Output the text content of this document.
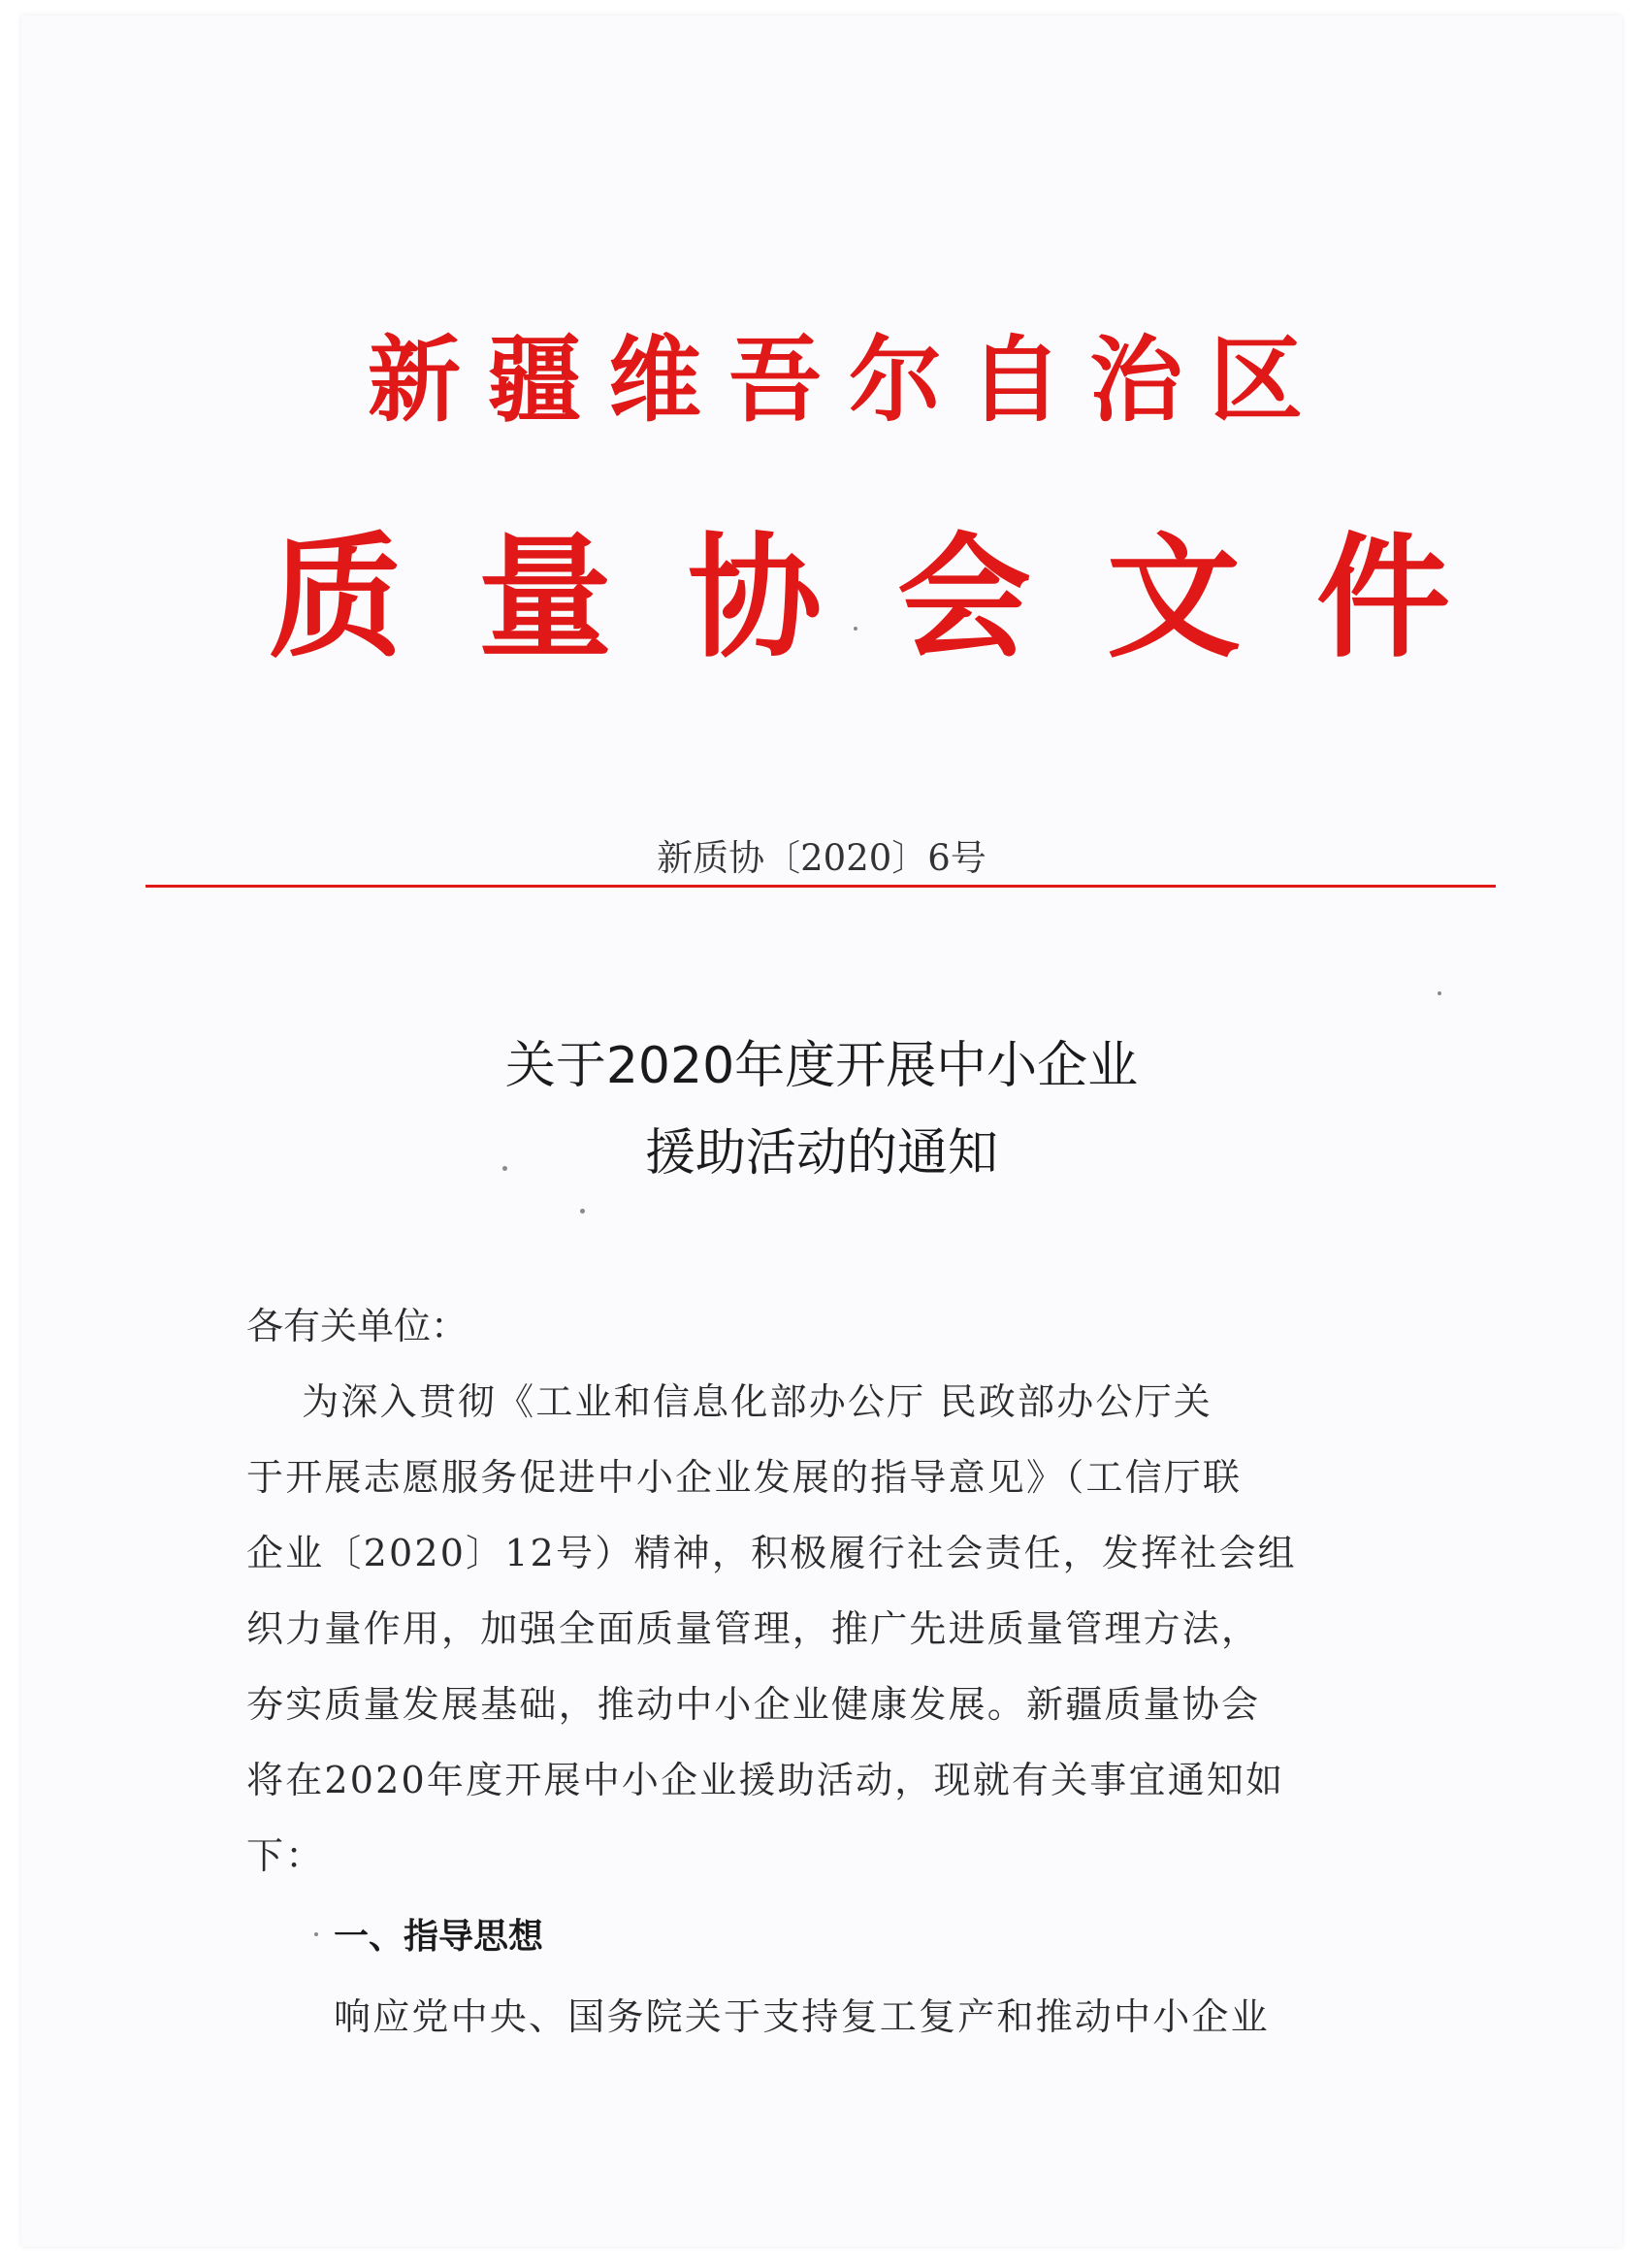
新疆维吾尔自治区
质量协会文件
新质协〔2020〕6号
关于2020年度开展中小企业
援助活动的通知
各有关单位：
为深入贯彻《工业和信息化部办公厅 民政部办公厅关
于开展志愿服务促进中小企业发展的指导意见》（工信厅联
企业〔2020〕12号）精神，积极履行社会责任，发挥社会组
织力量作用，加强全面质量管理，推广先进质量管理方法，
夯实质量发展基础，推动中小企业健康发展。新疆质量协会
将在2020年度开展中小企业援助活动，现就有关事宜通知如
下：
一、指导思想
响应党中央、国务院关于支持复工复产和推动中小企业
